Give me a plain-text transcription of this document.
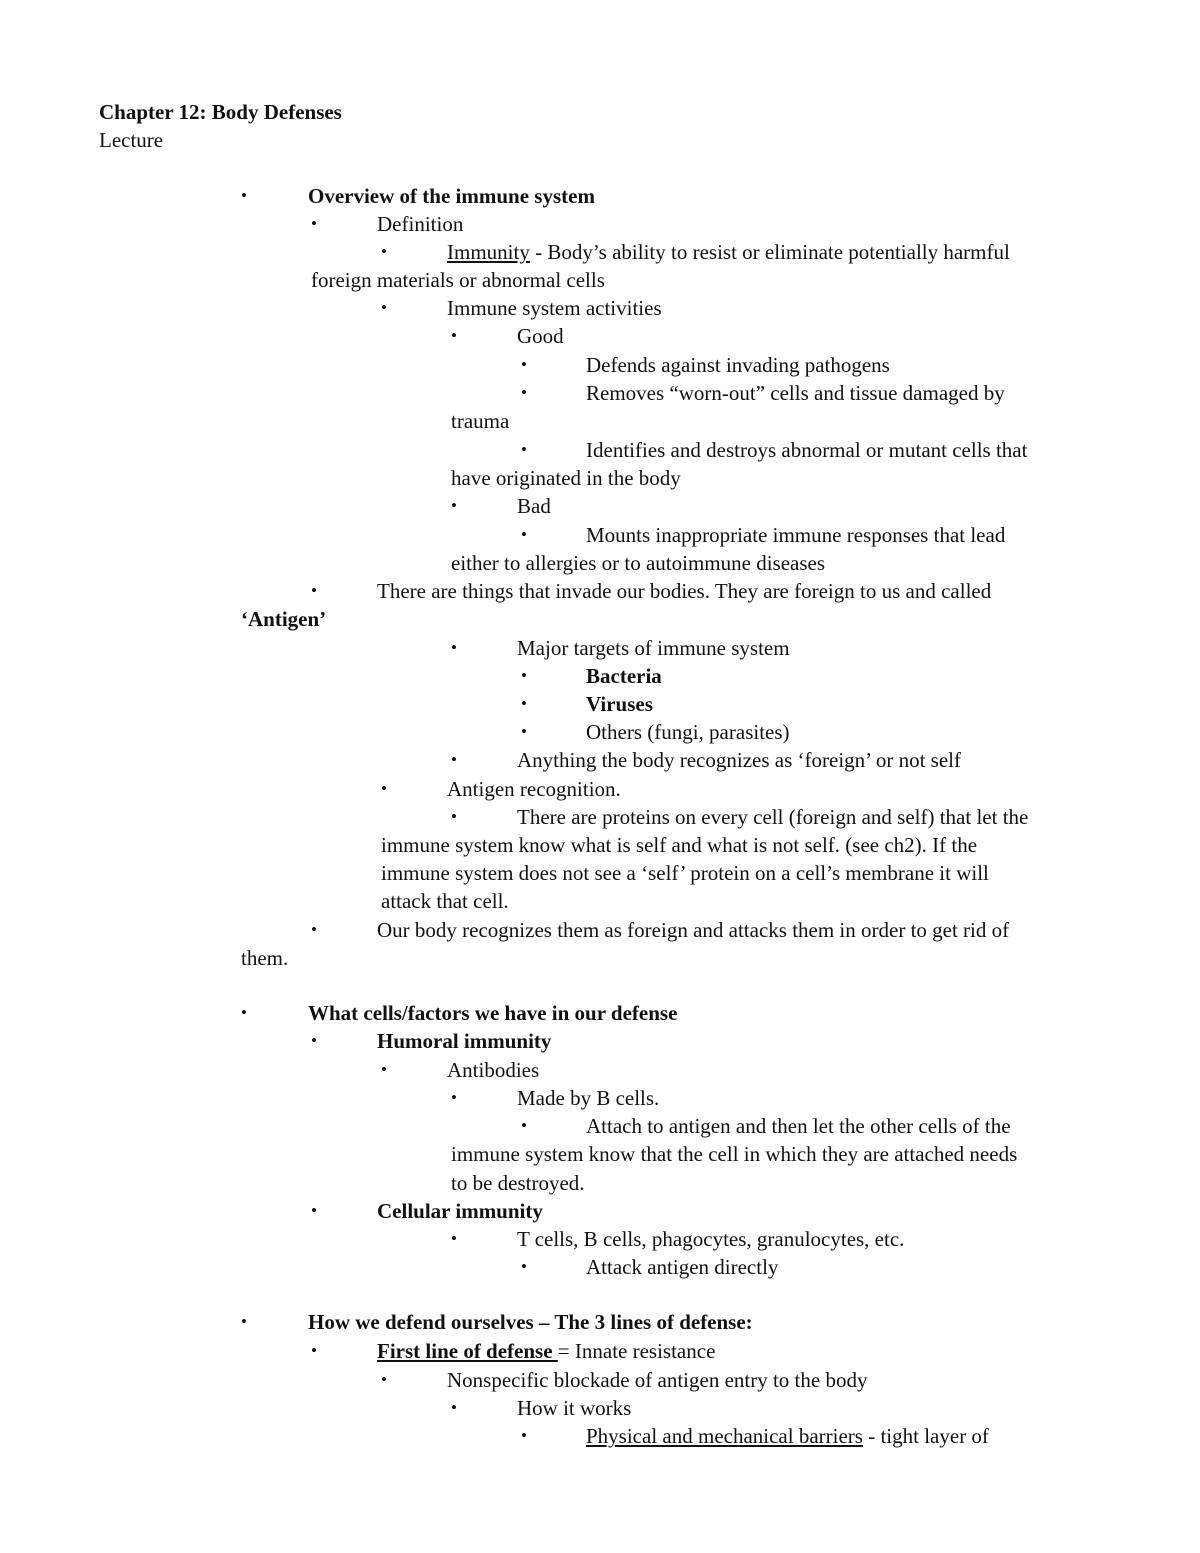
Chapter 12: Body Defenses
Lecture
•	Overview of the immune system
•	Definition
•	Immunity - Body’s ability to resist or eliminate potentially harmful
foreign materials or abnormal cells
•	Immune system activities
•	Good
•	Defends against invading pathogens
•	Removes “worn-out” cells and tissue damaged by
trauma
•	Identifies and destroys abnormal or mutant cells that
have originated in the body
•	Bad
•	Mounts inappropriate immune responses that lead
either to allergies or to autoimmune diseases
•	There are things that invade our bodies. They are foreign to us and called
‘Antigen’
•	Major targets of immune system
•	Bacteria
•	Viruses
•	Others (fungi, parasites)
•	Anything the body recognizes as ‘foreign’ or not self
•	Antigen recognition.
•	There are proteins on every cell (foreign and self) that let the
immune system know what is self and what is not self. (see ch2). If the
immune system does not see a ‘self’ protein on a cell’s membrane it will
attack that cell.
•	Our body recognizes them as foreign and attacks them in order to get rid of
them.
•	What cells/factors we have in our defense
•	Humoral immunity
•	Antibodies
•	Made by B cells.
•	Attach to antigen and then let the other cells of the
immune system know that the cell in which they are attached needs
to be destroyed.
•	Cellular immunity
•	T cells, B cells, phagocytes, granulocytes, etc.
•	Attack antigen directly
•	How we defend ourselves – The 3 lines of defense:
•	First line of defense = Innate resistance
•	Nonspecific blockade of antigen entry to the body
•	How it works
•	Physical and mechanical barriers - tight layer of
